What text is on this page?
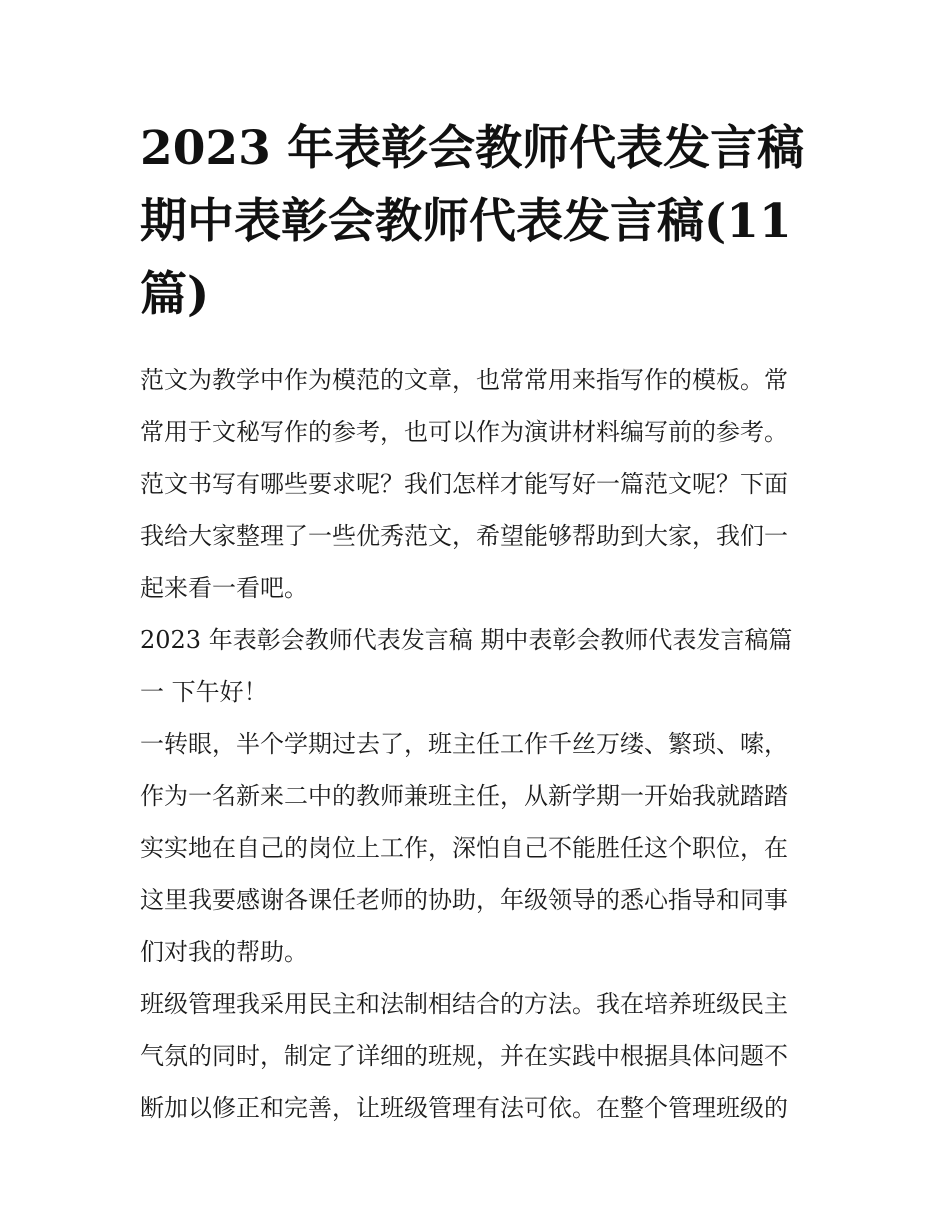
2023 年表彰会教师代表发言稿
期中表彰会教师代表发言稿(11
篇)
范文为教学中作为模范的文章，也常常用来指写作的模板。常
常用于文秘写作的参考，也可以作为演讲材料编写前的参考。
范文书写有哪些要求呢？我们怎样才能写好一篇范文呢？下面
我给大家整理了一些优秀范文，希望能够帮助到大家，我们一
起来看一看吧。
2023 年表彰会教师代表发言稿 期中表彰会教师代表发言稿篇
一 下午好！
一转眼，半个学期过去了，班主任工作千丝万缕、繁琐、嗦，
作为一名新来二中的教师兼班主任，从新学期一开始我就踏踏
实实地在自己的岗位上工作，深怕自己不能胜任这个职位，在
这里我要感谢各课任老师的协助，年级领导的悉心指导和同事
们对我的帮助。
班级管理我采用民主和法制相结合的方法。我在培养班级民主
气氛的同时，制定了详细的班规，并在实践中根据具体问题不
断加以修正和完善，让班级管理有法可依。在整个管理班级的
